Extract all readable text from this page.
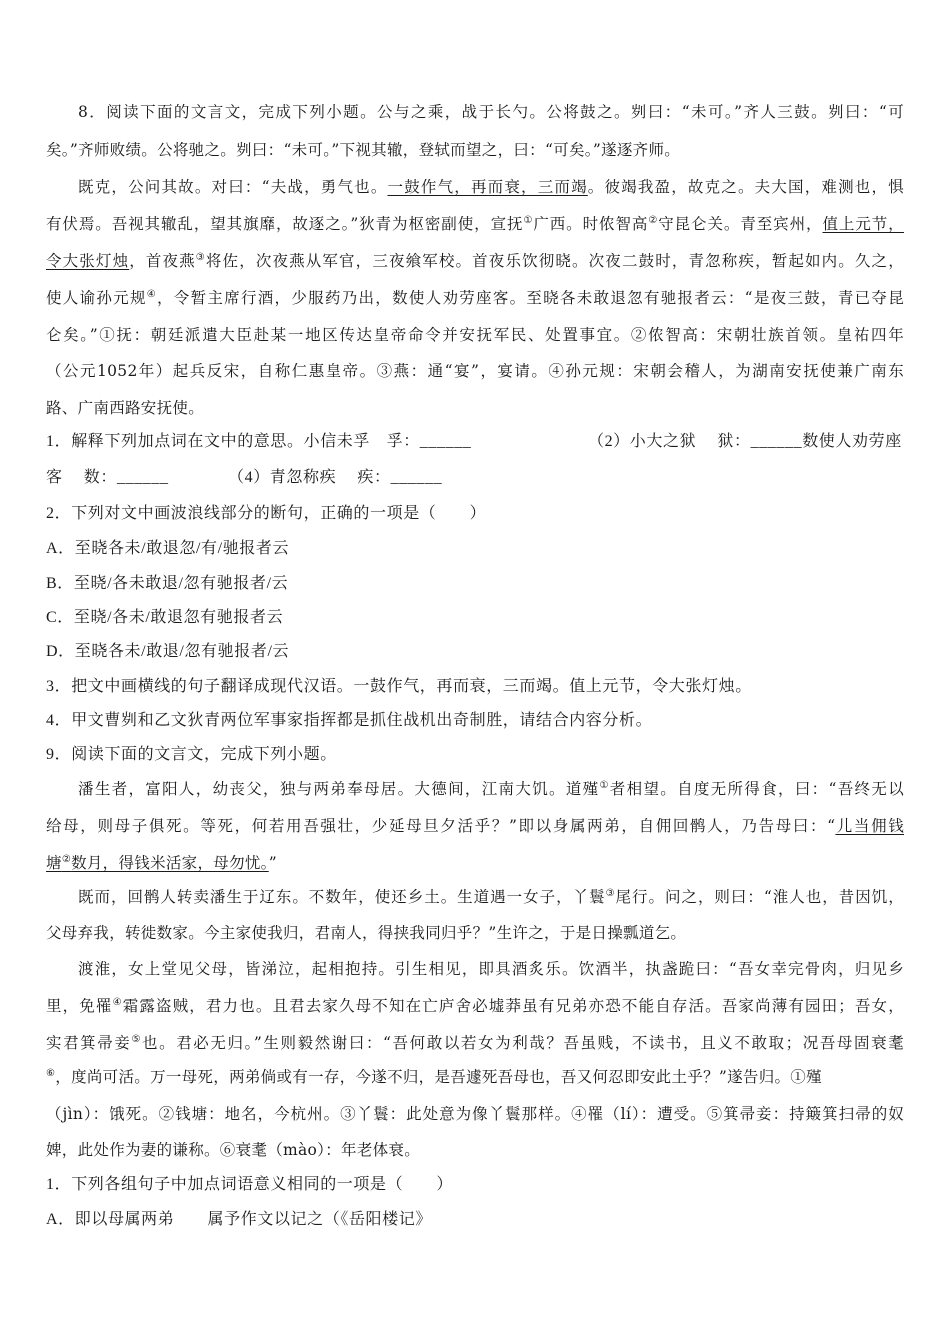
8．阅读下面的文言文，完成下列小题。公与之乘，战于长勺。公将鼓之。刿曰：“未可。”齐人三鼓。刿曰：“可
矣。”齐师败绩。公将驰之。刿曰：“未可。”下视其辙，登轼而望之，曰：“可矣。”遂逐齐师。
既克，公问其故。对曰：“夫战，勇气也。一鼓作气，再而衰，三而竭。彼竭我盈，故克之。夫大国，难测也，惧
有伏焉。吾视其辙乱，望其旗靡，故逐之。”狄青为枢密副使，宣抚①广西。时侬智高②守昆仑关。青至宾州，值上元节，
令大张灯烛，首夜燕③将佐，次夜燕从军官，三夜飨军校。首夜乐饮彻晓。次夜二鼓时，青忽称疾，暂起如内。久之，
使人谕孙元规④，令暂主席行酒，少服药乃出，数使人劝劳座客。至晓各未敢退忽有驰报者云：“是夜三鼓，青已夺昆
仑矣。”①抚：朝廷派遣大臣赴某一地区传达皇帝命令并安抚军民、处置事宜。②侬智高：宋朝壮族首领。皇祐四年
（公元1052年）起兵反宋，自称仁惠皇帝。③燕：通“宴”，宴请。④孙元规：宋朝会稽人，为湖南安抚使兼广南东
路、广南西路安抚使。
1．解释下列加点词在文中的意思。小信未孚　孚：______	（2）小大之狱　 狱：______数使人劝劳座
客　 数：______	（4）青忽称疾　 疾：______
2．下列对文中画波浪线部分的断句，正确的一项是（　　）
A．至晓各未/敢退忽/有/驰报者云
B．至晓/各未敢退/忽有驰报者/云
C．至晓/各未/敢退忽有驰报者云
D．至晓各未/敢退/忽有驰报者/云
3．把文中画横线的句子翻译成现代汉语。一鼓作气，再而衰，三而竭。值上元节，令大张灯烛。
4．甲文曹刿和乙文狄青两位军事家指挥都是抓住战机出奇制胜，请结合内容分析。
9．阅读下面的文言文，完成下列小题。
潘生者，富阳人，幼丧父，独与两弟奉母居。大德间，江南大饥。道殣①者相望。自度无所得食，曰：“吾终无以
给母，则母子俱死。等死，何若用吾强壮，少延母旦夕活乎？”即以身属两弟，自佣回鹘人，乃告母曰：“儿当佣钱
塘②数月，得钱米活家，母勿忧。”
既而，回鹘人转卖潘生于辽东。不数年，使还乡土。生道遇一女子，丫鬟③尾行。问之，则曰：“淮人也，昔因饥，
父母弃我，转徙数家。今主家使我归，君南人，得挟我同归乎？”生许之，于是日操瓢道乞。
渡淮，女上堂见父母，皆涕泣，起相抱持。引生相见，即具酒炙乐。饮酒半，执盏跪曰：“吾女幸完骨肉，归见乡
里，免罹④霜露盗贼，君力也。且君去家久母不知在亡庐舍必墟莽虽有兄弟亦恐不能自存活。吾家尚薄有园田；吾女，
实君箕帚妾⑤也。君必无归。”生则毅然谢曰：“吾何敢以若女为利哉？吾虽贱，不读书，且义不敢取；况吾母固衰耄
⑥，度尚可活。万一母死，两弟倘或有一存，今遂不归，是吾遽死吾母也，吾又何忍即安此土乎？”遂告归。①殣
（jìn）：饿死。②钱塘：地名，今杭州。③丫鬟：此处意为像丫鬟那样。④罹（lí）：遭受。⑤箕帚妾：持簸箕扫帚的奴
婢，此处作为妻的谦称。⑥衰耄（mào）：年老体衰。
1．下列各组句子中加点词语意义相同的一项是（　　）
A．即以母属两弟　　属予作文以记之（《岳阳楼记》
